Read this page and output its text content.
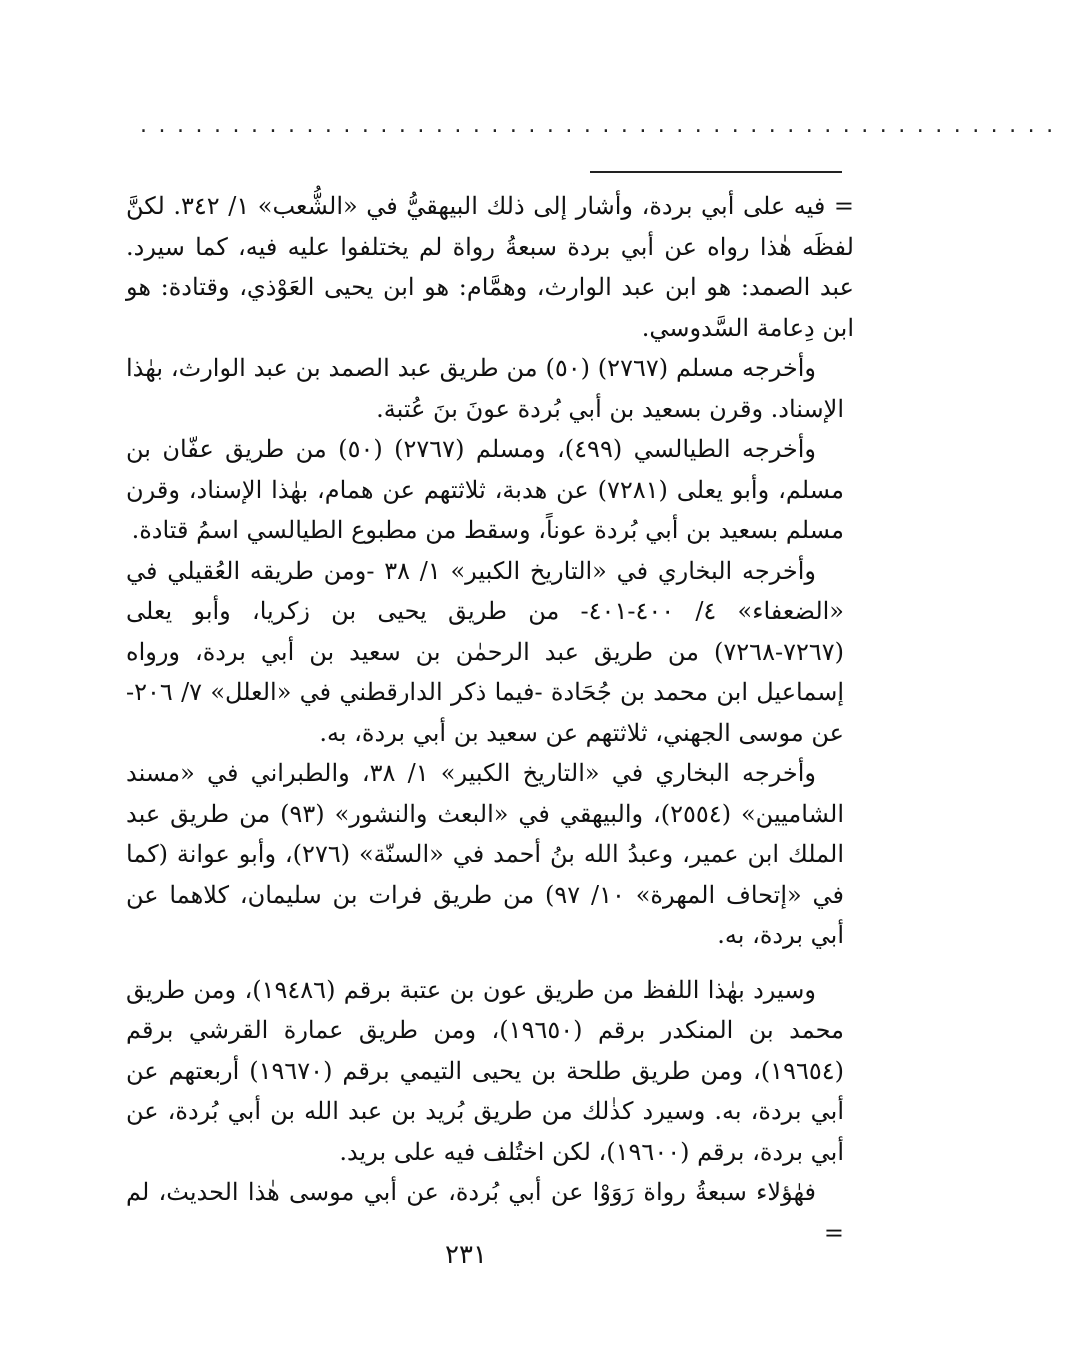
..................................................

= فيه على أبي بردة، وأشار إلى ذلك البيهقيُّ في «الشُّعب» ١/ ٣٤٢. لكنَّ لفظَه هٰذا رواه عن أبي بردة سبعةُ رواة لم يختلفوا عليه فيه، كما سيرد. عبد الصمد: هو ابن عبد الوارث، وهمَّام: هو ابن يحيى العَوْذي، وقتادة: هو ابن دِعامة السَّدوسي.

وأخرجه مسلم (٢٧٦٧) (٥٠) من طريق عبد الصمد بن عبد الوارث، بهٰذا الإسناد. وقرن بسعيد بن أبي بُردة عونَ بنَ عُتبة.

وأخرجه الطيالسي (٤٩٩)، ومسلم (٢٧٦٧) (٥٠) من طريق عفّان بن مسلم، وأبو يعلى (٧٢٨١) عن هدبة، ثلاثتهم عن همام، بهٰذا الإسناد، وقرن مسلم بسعيد بن أبي بُردة عوناً، وسقط من مطبوع الطيالسي اسمُ قتادة.

وأخرجه البخاري في «التاريخ الكبير» ١/ ٣٨ -ومن طريقه العُقيلي في «الضعفاء» ٤/ ٤٠٠-٤٠١- من طريق يحيى بن زكريا، وأبو يعلى (٧٢٦٧-٧٢٦٨) من طريق عبد الرحمٰن بن سعيد بن أبي بردة، ورواه إسماعيل ابن محمد بن جُحَادة -فيما ذكر الدارقطني في «العلل» ٧/ ٢٠٦- عن موسى الجهني، ثلاثتهم عن سعيد بن أبي بردة، به.

وأخرجه البخاري في «التاريخ الكبير» ١/ ٣٨، والطبراني في «مسند الشاميين» (٢٥٥٤)، والبيهقي في «البعث والنشور» (٩٣) من طريق عبد الملك ابن عمير، وعبدُ الله بنُ أحمد في «السنّة» (٢٧٦)، وأبو عوانة (كما في «إتحاف المهرة» ١٠/ ٩٧) من طريق فرات بن سليمان، كلاهما عن أبي بردة، به.

وسيرد بهٰذا اللفظ من طريق عون بن عتبة برقم (١٩٤٨٦)، ومن طريق محمد بن المنكدر برقم (١٩٦٥٠)، ومن طريق عمارة القرشي برقم (١٩٦٥٤)، ومن طريق طلحة بن يحيى التيمي برقم (١٩٦٧٠) أربعتهم عن أبي بردة، به. وسيرد كذٰلك من طريق بُريد بن عبد الله بن أبي بُردة، عن أبي بردة، برقم (١٩٦٠٠)، لكن اختُلف فيه على بريد.

فهٰؤلاء سبعةُ رواة رَوَوْا عن أبي بُردة، عن أبي موسى هٰذا الحديث، لم =

٢٣١
